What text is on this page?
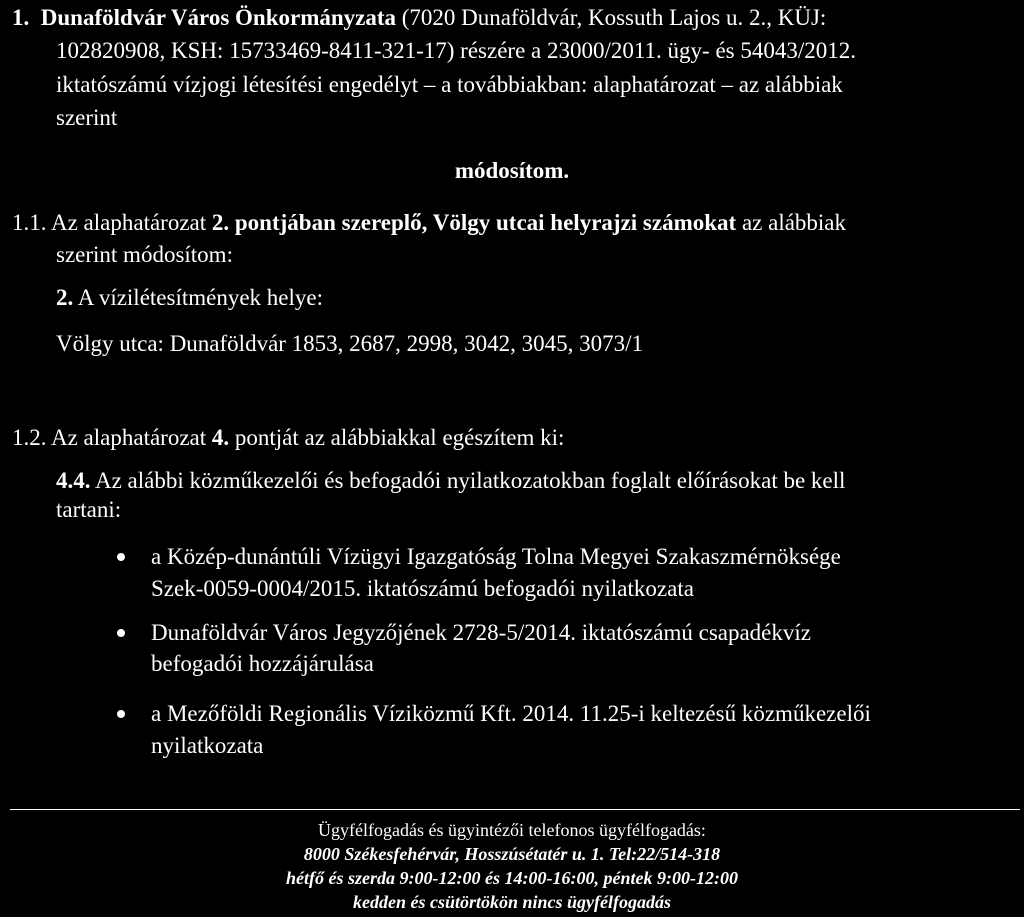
1. Dunaföldvár Város Önkormányzata (7020 Dunaföldvár, Kossuth Lajos u. 2., KÜJ:
102820908, KSH: 15733469-8411-321-17) részére a 23000/2011. ügy- és 54043/2012.
iktatószámú vízjogi létesítési engedélyt – a továbbiakban: alaphatározat – az alábbiak
szerint
módosítom.
1.1. Az alaphatározat 2. pontjában szereplő, Völgy utcai helyrajzi számokat az alábbiak
szerint módosítom:
2. A vízilétesítmények helye:
Völgy utca: Dunaföldvár 1853, 2687, 2998, 3042, 3045, 3073/1
1.2. Az alaphatározat 4. pontját az alábbiakkal egészítem ki:
4.4. Az alábbi közműkezelői és befogadói nyilatkozatokban foglalt előírásokat be kell
tartani:
a Közép-dunántúli Vízügyi Igazgatóság Tolna Megyei Szakaszmérnöksége
Szek-0059-0004/2015. iktatószámú befogadói nyilatkozata
Dunaföldvár Város Jegyzőjének 2728-5/2014. iktatószámú csapadékvíz
befogadói hozzájárulása
a Mezőföldi Regionális Víziközmű Kft. 2014. 11.25-i keltezésű közműkezelői
nyilatkozata
Ügyfélfogadás és ügyintézői telefonos ügyfélfogadás:
8000 Székesfehérvár, Hosszúsétatér u. 1. Tel:22/514-318
hétfő és szerda 9:00-12:00 és 14:00-16:00, péntek 9:00-12:00
kedden és csütörtökön nincs ügyfélfogadás
